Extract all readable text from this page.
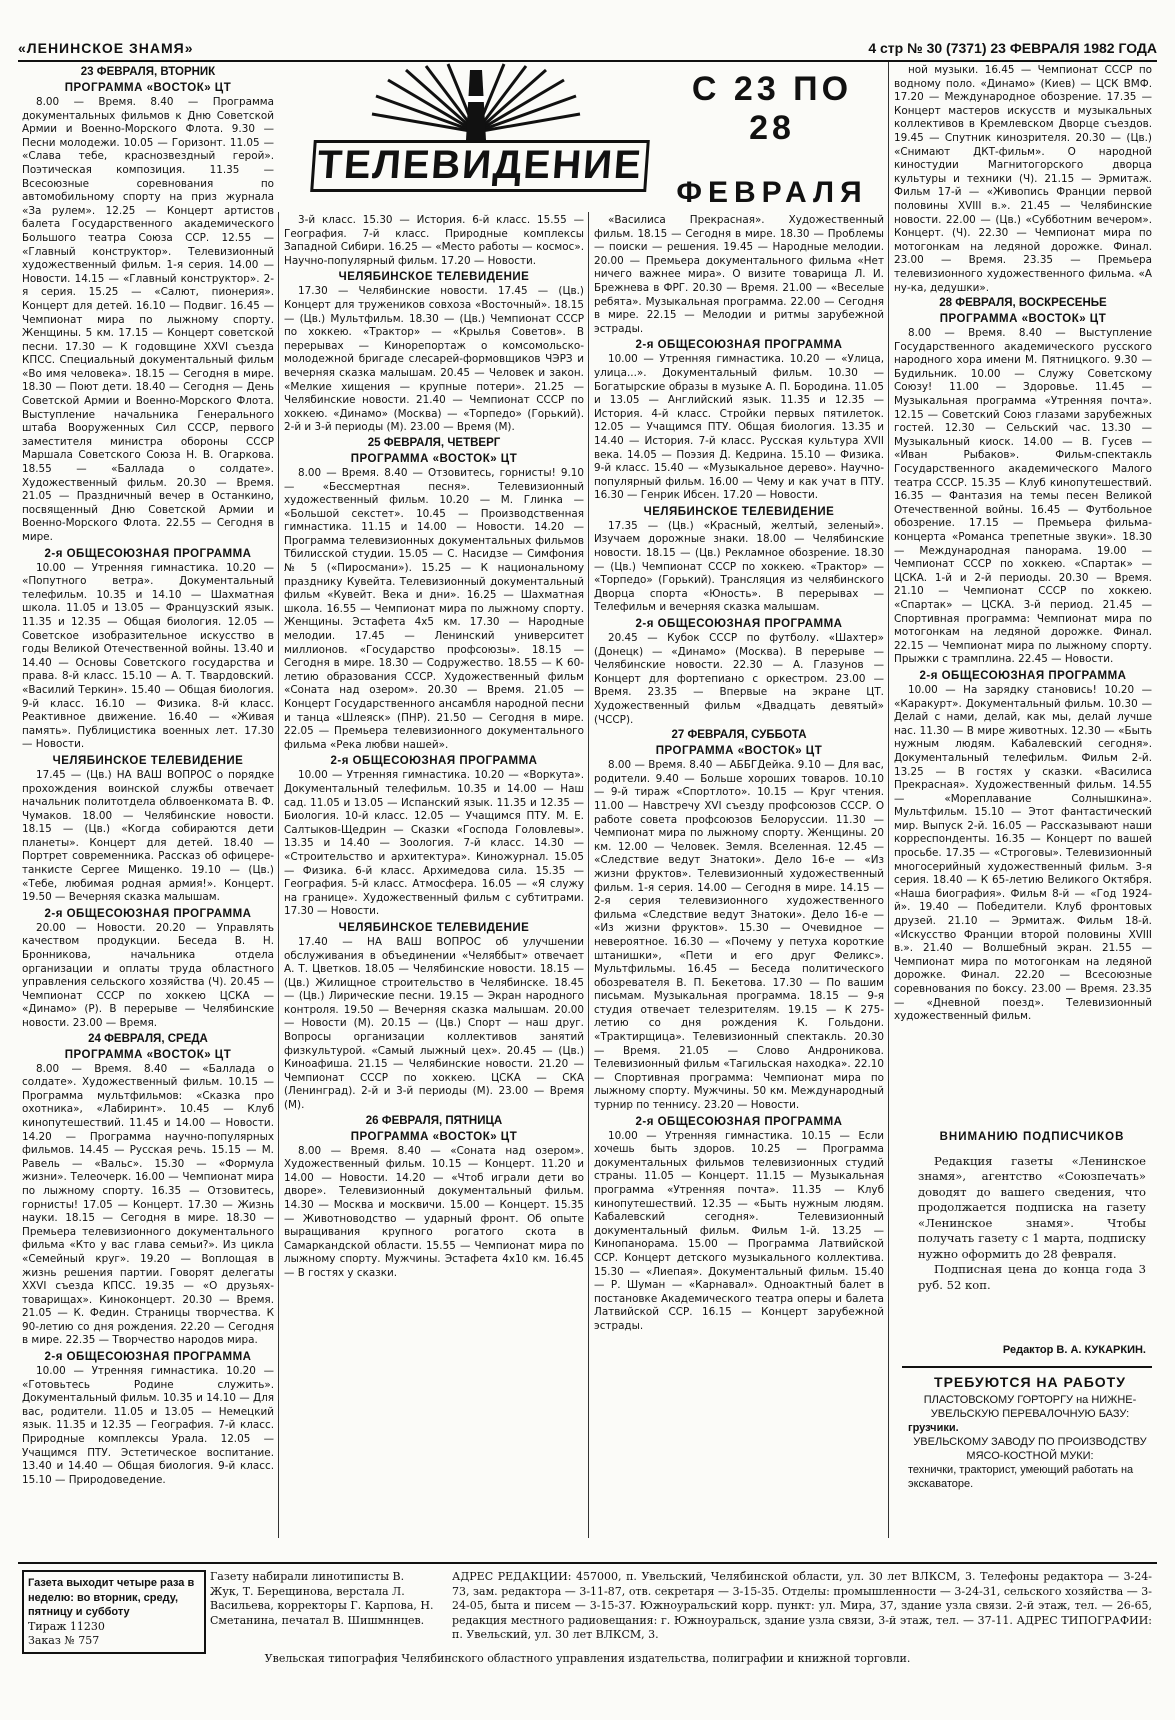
«ЛЕНИНСКОЕ ЗНАМЯ»	4 стр № 30 (7371) 23 ФЕВРАЛЯ 1982 ГОДА
ТЕЛЕВИДЕНИЕ
С 23 ПО 28
ФЕВРАЛЯ
23 ФЕВРАЛЯ, ВТОРНИК
ПРОГРАММА «ВОСТОК» ЦТ

8.00 — Время. 8.40 — Программа документальных фильмов к Дню Советской Армии и Военно-Морского Флота. 9.30 — Песни молодежи. 10.05 — Горизонт. 11.05 — «Слава тебе, краснозвездный герой». Поэтическая композиция. 11.35 — Всесоюзные соревнования по автомобильному спорту на приз журнала «За рулем». 12.25 — Концерт артистов балета Государственного академического Большого театра Союза ССР. 12.55 — «Главный конструктор». Телевизионный художественный фильм. 1-я серия. 14.00 — Новости. 14.15 — «Главный конструктор». 2-я серия. 15.25 — «Салют, пионерия». Концерт для детей. 16.10 — Подвиг. 16.45 — Чемпионат мира по лыжному спорту. Женщины. 5 км. 17.15 — Концерт советской песни. 17.30 — К годовщине XXVI съезда КПСС. Специальный документальный фильм «Во имя человека». 18.15 — Сегодня в мире. 18.30 — Поют дети. 18.40 — Сегодня — День Советской Армии и Военно-Морского Флота. Выступление начальника Генерального штаба Вооруженных Сил СССР, первого заместителя министра обороны СССР Маршала Советского Союза Н. В. Огаркова. 18.55 — «Баллада о солдате». Художественный фильм. 20.30 — Время. 21.05 — Праздничный вечер в Останкино, посвященный Дню Советской Армии и Военно-Морского Флота. 22.55 — Сегодня в мире.

2-я ОБЩЕСОЮЗНАЯ ПРОГРАММА

10.00 — Утренняя гимнастика. 10.20 — «Попутного ветра». Документальный телефильм. 10.35 и 14.10 — Шахматная школа. 11.05 и 13.05 — Французский язык. 11.35 и 12.35 — Общая биология. 12.05 — Советское изобразительное искусство в годы Великой Отечественной войны. 13.40 и 14.40 — Основы Советского государства и права. 8-й класс. 15.10 — А. Т. Твардовский. «Василий Теркин». 15.40 — Общая биология. 9-й класс. 16.10 — Физика. 8-й класс. Реактивное движение. 16.40 — «Живая память». Публицистика военных лет. 17.30 — Новости.

ЧЕЛЯБИНСКОЕ ТЕЛЕВИДЕНИЕ

17.45 — (Цв.) НА ВАШ ВОПРОС о порядке прохождения воинской службы отвечает начальник политотдела облвоенкомата В. Ф. Чумаков. 18.00 — Челябинские новости. 18.15 — (Цв.) «Когда собираются дети планеты». Концерт для детей. 18.40 — Портрет современника. Рассказ об офицере-танкисте Сергее Мищенко. 19.10 — (Цв.) «Тебе, любимая родная армия!». Концерт. 19.50 — Вечерняя сказка малышам.

2-я ОБЩЕСОЮЗНАЯ ПРОГРАММА

20.00 — Новости. 20.20 — Управлять качеством продукции. Беседа В. Н. Бронникова, начальника отдела организации и оплаты труда областного управления сельского хозяйства (Ч). 20.45 — Чемпионат СССР по хоккею ЦСКА — «Динамо» (Р). В перерыве — Челябинские новости. 23.00 — Время.

24 ФЕВРАЛЯ, СРЕДА
ПРОГРАММА «ВОСТОК» ЦТ

8.00 — Время. 8.40 — «Баллада о солдате». Художественный фильм. 10.15 — Программа мультфильмов: «Сказка про охотника», «Лабиринт». 10.45 — Клуб кинопутешествий. 11.45 и 14.00 — Новости. 14.20 — Программа научно-популярных фильмов. 14.45 — Русская речь. 15.15 — М. Равель — «Вальс». 15.30 — «Формула жизни». Телеочерк. 16.00 — Чемпионат мира по лыжному спорту. 16.35 — Отзовитесь, горнисты! 17.05 — Концерт. 17.30 — Жизнь науки. 18.15 — Сегодня в мире. 18.30 — Премьера телевизионного документального фильма «Кто у вас глава семьи?». Из цикла «Семейный круг». 19.20 — Воплощая в жизнь решения партии. Говорят делегаты XXVI съезда КПСС. 19.35 — «О друзьях-товарищах». Киноконцерт. 20.30 — Время. 21.05 — К. Федин. Страницы творчества. К 90-летию со дня рождения. 22.20 — Сегодня в мире. 22.35 — Творчество народов мира.

2-я ОБЩЕСОЮЗНАЯ ПРОГРАММА

10.00 — Утренняя гимнастика. 10.20 — «Готовьтесь Родине служить». Документальный фильм. 10.35 и 14.10 — Для вас, родители. 11.05 и 13.05 — Немецкий язык. 11.35 и 12.35 — География. 7-й класс. Природные комплексы Урала. 12.05 — Учащимся ПТУ. Эстетическое воспитание. 13.40 и 14.40 — Общая биология. 9-й класс. 15.10 — Природоведение.

3-й класс. 15.30 — История. 6-й класс. 15.55 — География. 7-й класс. Природные комплексы Западной Сибири. 16.25 — «Место работы — космос». Научно-популярный фильм. 17.20 — Новости.

ЧЕЛЯБИНСКОЕ ТЕЛЕВИДЕНИЕ

17.30 — Челябинские новости. 17.45 — (Цв.) Концерт для тружеников совхоза «Восточный». 18.15 — (Цв.) Мультфильм. 18.30 — (Цв.) Чемпионат СССР по хоккею. «Трактор» — «Крылья Советов». В перерывах — Кинорепортаж о комсомольско-молодежной бригаде слесарей-формовщиков ЧЭРЗ и вечерняя сказка малышам. 20.45 — Человек и закон. «Мелкие хищения — крупные потери». 21.25 — Челябинские новости. 21.40 — Чемпионат СССР по хоккею. «Динамо» (Москва) — «Торпедо» (Горький). 2-й и 3-й периоды (М). 23.00 — Время (М).

25 ФЕВРАЛЯ, ЧЕТВЕРГ
ПРОГРАММА «ВОСТОК» ЦТ

8.00 — Время. 8.40 — Отзовитесь, горнисты! 9.10 — «Бессмертная песня». Телевизионный художественный фильм. 10.20 — М. Глинка — «Большой секстет». 10.45 — Производственная гимнастика. 11.15 и 14.00 — Новости. 14.20 — Программа телевизионных документальных фильмов Тбилисской студии. 15.05 — С. Насидзе — Симфония № 5 («Пиросмани»). 15.25 — К национальному празднику Кувейта. Телевизионный документальный фильм «Кувейт. Века и дни». 16.25 — Шахматная школа. 16.55 — Чемпионат мира по лыжному спорту. Женщины. Эстафета 4х5 км. 17.30 — Народные мелодии. 17.45 — Ленинский университет миллионов. «Государство профсоюзы». 18.15 — Сегодня в мире. 18.30 — Содружество. 18.55 — К 60-летию образования СССР. Художественный фильм «Соната над озером». 20.30 — Время. 21.05 — Концерт Государственного ансамбля народной песни и танца «Шлеяск» (ПНР). 21.50 — Сегодня в мире. 22.05 — Премьера телевизионного документального фильма «Река любви нашей».

2-я ОБЩЕСОЮЗНАЯ ПРОГРАММА

10.00 — Утренняя гимнастика. 10.20 — «Воркута». Документальный телефильм. 10.35 и 14.00 — Наш сад. 11.05 и 13.05 — Испанский язык. 11.35 и 12.35 — Биология. 10-й класс. 12.05 — Учащимся ПТУ. М. Е. Салтыков-Щедрин — Сказки «Господа Головлевы». 13.35 и 14.40 — Зоология. 7-й класс. 14.30 — «Строительство и архитектура». Киножурнал. 15.05 — Физика. 6-й класс. Архимедова сила. 15.35 — География. 5-й класс. Атмосфера. 16.05 — «Я служу на границе». Художественный фильм с субтитрами. 17.30 — Новости.

ЧЕЛЯБИНСКОЕ ТЕЛЕВИДЕНИЕ

17.40 — НА ВАШ ВОПРОС об улучшении обслуживания в объединении «Челяббыт» отвечает А. Т. Цветков. 18.05 — Челябинские новости. 18.15 — (Цв.) Жилищное строительство в Челябинске. 18.45 — (Цв.) Лирические песни. 19.15 — Экран народного контроля. 19.50 — Вечерняя сказка малышам. 20.00 — Новости (М). 20.15 — (Цв.) Спорт — наш друг. Вопросы организации коллективов занятий физкультурой. «Самый лыжный цех». 20.45 — (Цв.) Киноафиша. 21.15 — Челябинские новости. 21.20 — Чемпионат СССР по хоккею. ЦСКА — СКА (Ленинград). 2-й и 3-й периоды (М). 23.00 — Время (М).

26 ФЕВРАЛЯ, ПЯТНИЦА
ПРОГРАММА «ВОСТОК» ЦТ

8.00 — Время. 8.40 — «Соната над озером». Художественный фильм. 10.15 — Концерт. 11.20 и 14.00 — Новости. 14.20 — «Чтоб играли дети во дворе». Телевизионный документальный фильм. 14.30 — Москва и москвичи. 15.00 — Концерт. 15.35 — Животноводство — ударный фронт. Об опыте выращивания крупного рогатого скота в Самаркандской области. 15.55 — Чемпионат мира по лыжному спорту. Мужчины. Эстафета 4х10 км. 16.45 — В гостях у сказки.

«Василиса Прекрасная». Художественный фильм. 18.15 — Сегодня в мире. 18.30 — Проблемы — поиски — решения. 19.45 — Народные мелодии. 20.00 — Премьера документального фильма «Нет ничего важнее мира». О визите товарища Л. И. Брежнева в ФРГ. 20.30 — Время. 21.00 — «Веселые ребята». Музыкальная программа. 22.00 — Сегодня в мире. 22.15 — Мелодии и ритмы зарубежной эстрады.

2-я ОБЩЕСОЮЗНАЯ ПРОГРАММА

10.00 — Утренняя гимнастика. 10.20 — «Улица, улица...». Документальный фильм. 10.30 — Богатырские образы в музыке А. П. Бородина. 11.05 и 13.05 — Английский язык. 11.35 и 12.35 — История. 4-й класс. Стройки первых пятилеток. 12.05 — Учащимся ПТУ. Общая биология. 13.35 и 14.40 — История. 7-й класс. Русская культура XVII века. 14.05 — Поэзия Д. Кедрина. 15.10 — Физика. 9-й класс. 15.40 — «Музыкальное дерево». Научно-популярный фильм. 16.00 — Чему и как учат в ПТУ. 16.30 — Генрик Ибсен. 17.20 — Новости.

ЧЕЛЯБИНСКОЕ ТЕЛЕВИДЕНИЕ

17.35 — (Цв.) «Красный, желтый, зеленый». Изучаем дорожные знаки. 18.00 — Челябинские новости. 18.15 — (Цв.) Рекламное обозрение. 18.30 — (Цв.) Чемпионат СССР по хоккею. «Трактор» — «Торпедо» (Горький). Трансляция из челябинского Дворца спорта «Юность». В перерывах — Телефильм и вечерняя сказка малышам.

2-я ОБЩЕСОЮЗНАЯ ПРОГРАММА

20.45 — Кубок СССР по футболу. «Шахтер» (Донецк) — «Динамо» (Москва). В перерыве — Челябинские новости. 22.30 — А. Глазунов — Концерт для фортепиано с оркестром. 23.00 — Время. 23.35 — Впервые на экране ЦТ. Художественный фильм «Двадцать девятый» (ЧССР).

27 ФЕВРАЛЯ, СУББОТА
ПРОГРАММА «ВОСТОК» ЦТ

8.00 — Время. 8.40 — АББГДейка. 9.10 — Для вас, родители. 9.40 — Больше хороших товаров. 10.10 — 9-й тираж «Спортлото». 10.15 — Круг чтения. 11.00 — Навстречу XVI съезду профсоюзов СССР. О работе совета профсоюзов Белоруссии. 11.30 — Чемпионат мира по лыжному спорту. Женщины. 20 км. 12.00 — Человек. Земля. Вселенная. 12.45 — «Следствие ведут Знатоки». Дело 16-е — «Из жизни фруктов». Телевизионный художественный фильм. 1-я серия. 14.00 — Сегодня в мире. 14.15 — 2-я серия телевизионного художественного фильма «Следствие ведут Знатоки». Дело 16-е — «Из жизни фруктов». 15.30 — Очевидное — невероятное. 16.30 — «Почему у петуха короткие штанишки», «Пети и его друг Феликс». Мультфильмы. 16.45 — Беседа политического обозревателя В. П. Бекетова. 17.30 — По вашим письмам. Музыкальная программа. 18.15 — 9-я студия отвечает телезрителям. 19.15 — К 275-летию со дня рождения К. Гольдони. «Трактирщица». Телевизионный спектакль. 20.30 — Время. 21.05 — Слово Андроникова. Телевизионный фильм «Тагильская находка». 22.10 — Спортивная программа: Чемпионат мира по лыжному спорту. Мужчины. 50 км. Международный турнир по теннису. 23.20 — Новости.

2-я ОБЩЕСОЮЗНАЯ ПРОГРАММА

10.00 — Утренняя гимнастика. 10.15 — Если хочешь быть здоров. 10.25 — Программа документальных фильмов телевизионных студий страны. 11.05 — Концерт. 11.15 — Музыкальная программа «Утренняя почта». 11.35 — Клуб кинопутешествий. 12.35 — «Быть нужным людям. Кабалевский сегодня». Телевизионный документальный фильм. Фильм 1-й. 13.25 — Кинопанорама. 15.00 — Программа Латвийской ССР. Концерт детского музыкального коллектива. 15.30 — «Лиепая». Документальный фильм. 15.40 — Р. Шуман — «Карнавал». Одноактный балет в постановке Академического театра оперы и балета Латвийской ССР. 16.15 — Концерт зарубежной эстрады.

ной музыки. 16.45 — Чемпионат СССР по водному поло. «Динамо» (Киев) — ЦСК ВМФ. 17.20 — Международное обозрение. 17.35 — Концерт мастеров искусств и музыкальных коллективов в Кремлевском Дворце съездов. 19.45 — Спутник кинозрителя. 20.30 — (Цв.) «Снимают ДКТ-фильм». О народной киностудии Магнитогорского дворца культуры и техники (Ч). 21.15 — Эрмитаж. Фильм 17-й — «Живопись Франции первой половины XVIII в.». 21.45 — Челябинские новости. 22.00 — (Цв.) «Субботним вечером». Концерт. (Ч). 22.30 — Чемпионат мира по мотогонкам на ледяной дорожке. Финал. 23.00 — Время. 23.35 — Премьера телевизионного художественного фильма. «А ну-ка, дедушки».

28 ФЕВРАЛЯ, ВОСКРЕСЕНЬЕ
ПРОГРАММА «ВОСТОК» ЦТ

8.00 — Время. 8.40 — Выступление Государственного академического русского народного хора имени М. Пятницкого. 9.30 — Будильник. 10.00 — Служу Советскому Союзу! 11.00 — Здоровье. 11.45 — Музыкальная программа «Утренняя почта». 12.15 — Советский Союз глазами зарубежных гостей. 12.30 — Сельский час. 13.30 — Музыкальный киоск. 14.00 — В. Гусев — «Иван Рыбаков». Фильм-спектакль Государственного академического Малого театра СССР. 15.35 — Клуб кинопутешествий. 16.35 — Фантазия на темы песен Великой Отечественной войны. 16.45 — Футбольное обозрение. 17.15 — Премьера фильма-концерта «Романса трепетные звуки». 18.30 — Международная панорама. 19.00 — Чемпионат СССР по хоккею. «Спартак» — ЦСКА. 1-й и 2-й периоды. 20.30 — Время. 21.10 — Чемпионат СССР по хоккею. «Спартак» — ЦСКА. 3-й период. 21.45 — Спортивная программа: Чемпионат мира по мотогонкам на ледяной дорожке. Финал. 22.15 — Чемпионат мира по лыжному спорту. Прыжки с трамплина. 22.45 — Новости.

2-я ОБЩЕСОЮЗНАЯ ПРОГРАММА

10.00 — На зарядку становись! 10.20 — «Каракурт». Документальный фильм. 10.30 — Делай с нами, делай, как мы, делай лучше нас. 11.30 — В мире животных. 12.30 — «Быть нужным людям. Кабалевский сегодня». Документальный телефильм. Фильм 2-й. 13.25 — В гостях у сказки. «Василиса Прекрасная». Художественный фильм. 14.55 — «Мореплавание Солнышкина». Мультфильм. 15.10 — Этот фантастический мир. Выпуск 2-й. 16.05 — Рассказывают наши корреспонденты. 16.35 — Концерт по вашей просьбе. 17.35 — «Строговы». Телевизионный многосерийный художественный фильм. 3-я серия. 18.40 — К 65-летию Великого Октября. «Наша биография». Фильм 8-й — «Год 1924-й». 19.40 — Победители. Клуб фронтовых друзей. 21.10 — Эрмитаж. Фильм 18-й. «Искусство Франции второй половины XVIII в.». 21.40 — Волшебный экран. 21.55 — Чемпионат мира по мотогонкам на ледяной дорожке. Финал. 22.20 — Всесоюзные соревнования по боксу. 23.00 — Время. 23.35 — «Дневной поезд». Телевизионный художественный фильм.

ВНИМАНИЮ ПОДПИСЧИКОВ

Редакция газеты «Ленинское знамя», агентство «Союзпечать» доводят до вашего сведения, что продолжается подписка на газету «Ленинское знамя». Чтобы получать газету с 1 марта, подписку нужно оформить до 28 февраля.

Подписная цена до конца года 3 руб. 52 коп.

Редактор В. А. КУКАРКИН.
ТРЕБУЮТСЯ НА РАБОТУ
ПЛАСТОВСКОМУ ГОРТОРГУ на НИЖНЕ-УВЕЛЬСКУЮ ПЕРЕВАЛОЧНУЮ БАЗУ:
грузчики.
УВЕЛЬСКОМУ ЗАВОДУ ПО ПРОИЗВОДСТВУ МЯСО-КОСТНОЙ МУКИ:
технички, тракторист, умеющий работать на экскаваторе.
Газета выходит четыре раза в неделю: во вторник, среду, пятницу и субботу
Тираж 11230
Заказ № 757
Газету набирали линотиписты В. Жук, Т. Берещинова, верстала Л. Васильева, корректоры Г. Карпова, Н. Сметанина, печатал В. Шишмннцев.
АДРЕС РЕДАКЦИИ: 457000, п. Увельский, Челябинской области, ул. 30 лет ВЛКСМ, 3. Телефоны редактора — 3-24-73, зам. редактора — 3-11-87, отв. секретаря — 3-15-35. Отделы: промышленности — 3-24-31, сельского хозяйства — 3-24-05, быта и писем — 3-15-37. Южноуральский корр. пункт: ул. Мира, 37, здание узла связи. 2-й этаж, тел. — 26-65, редакция местного радиовещания: г. Южноуральск, здание узла связи, 3-й этаж, тел. — 37-11. АДРЕС ТИПОГРАФИИ: п. Увельский, ул. 30 лет ВЛКСМ, 3.
Увельская типография Челябинского областного управления издательства, полиграфии и книжной торговли.
